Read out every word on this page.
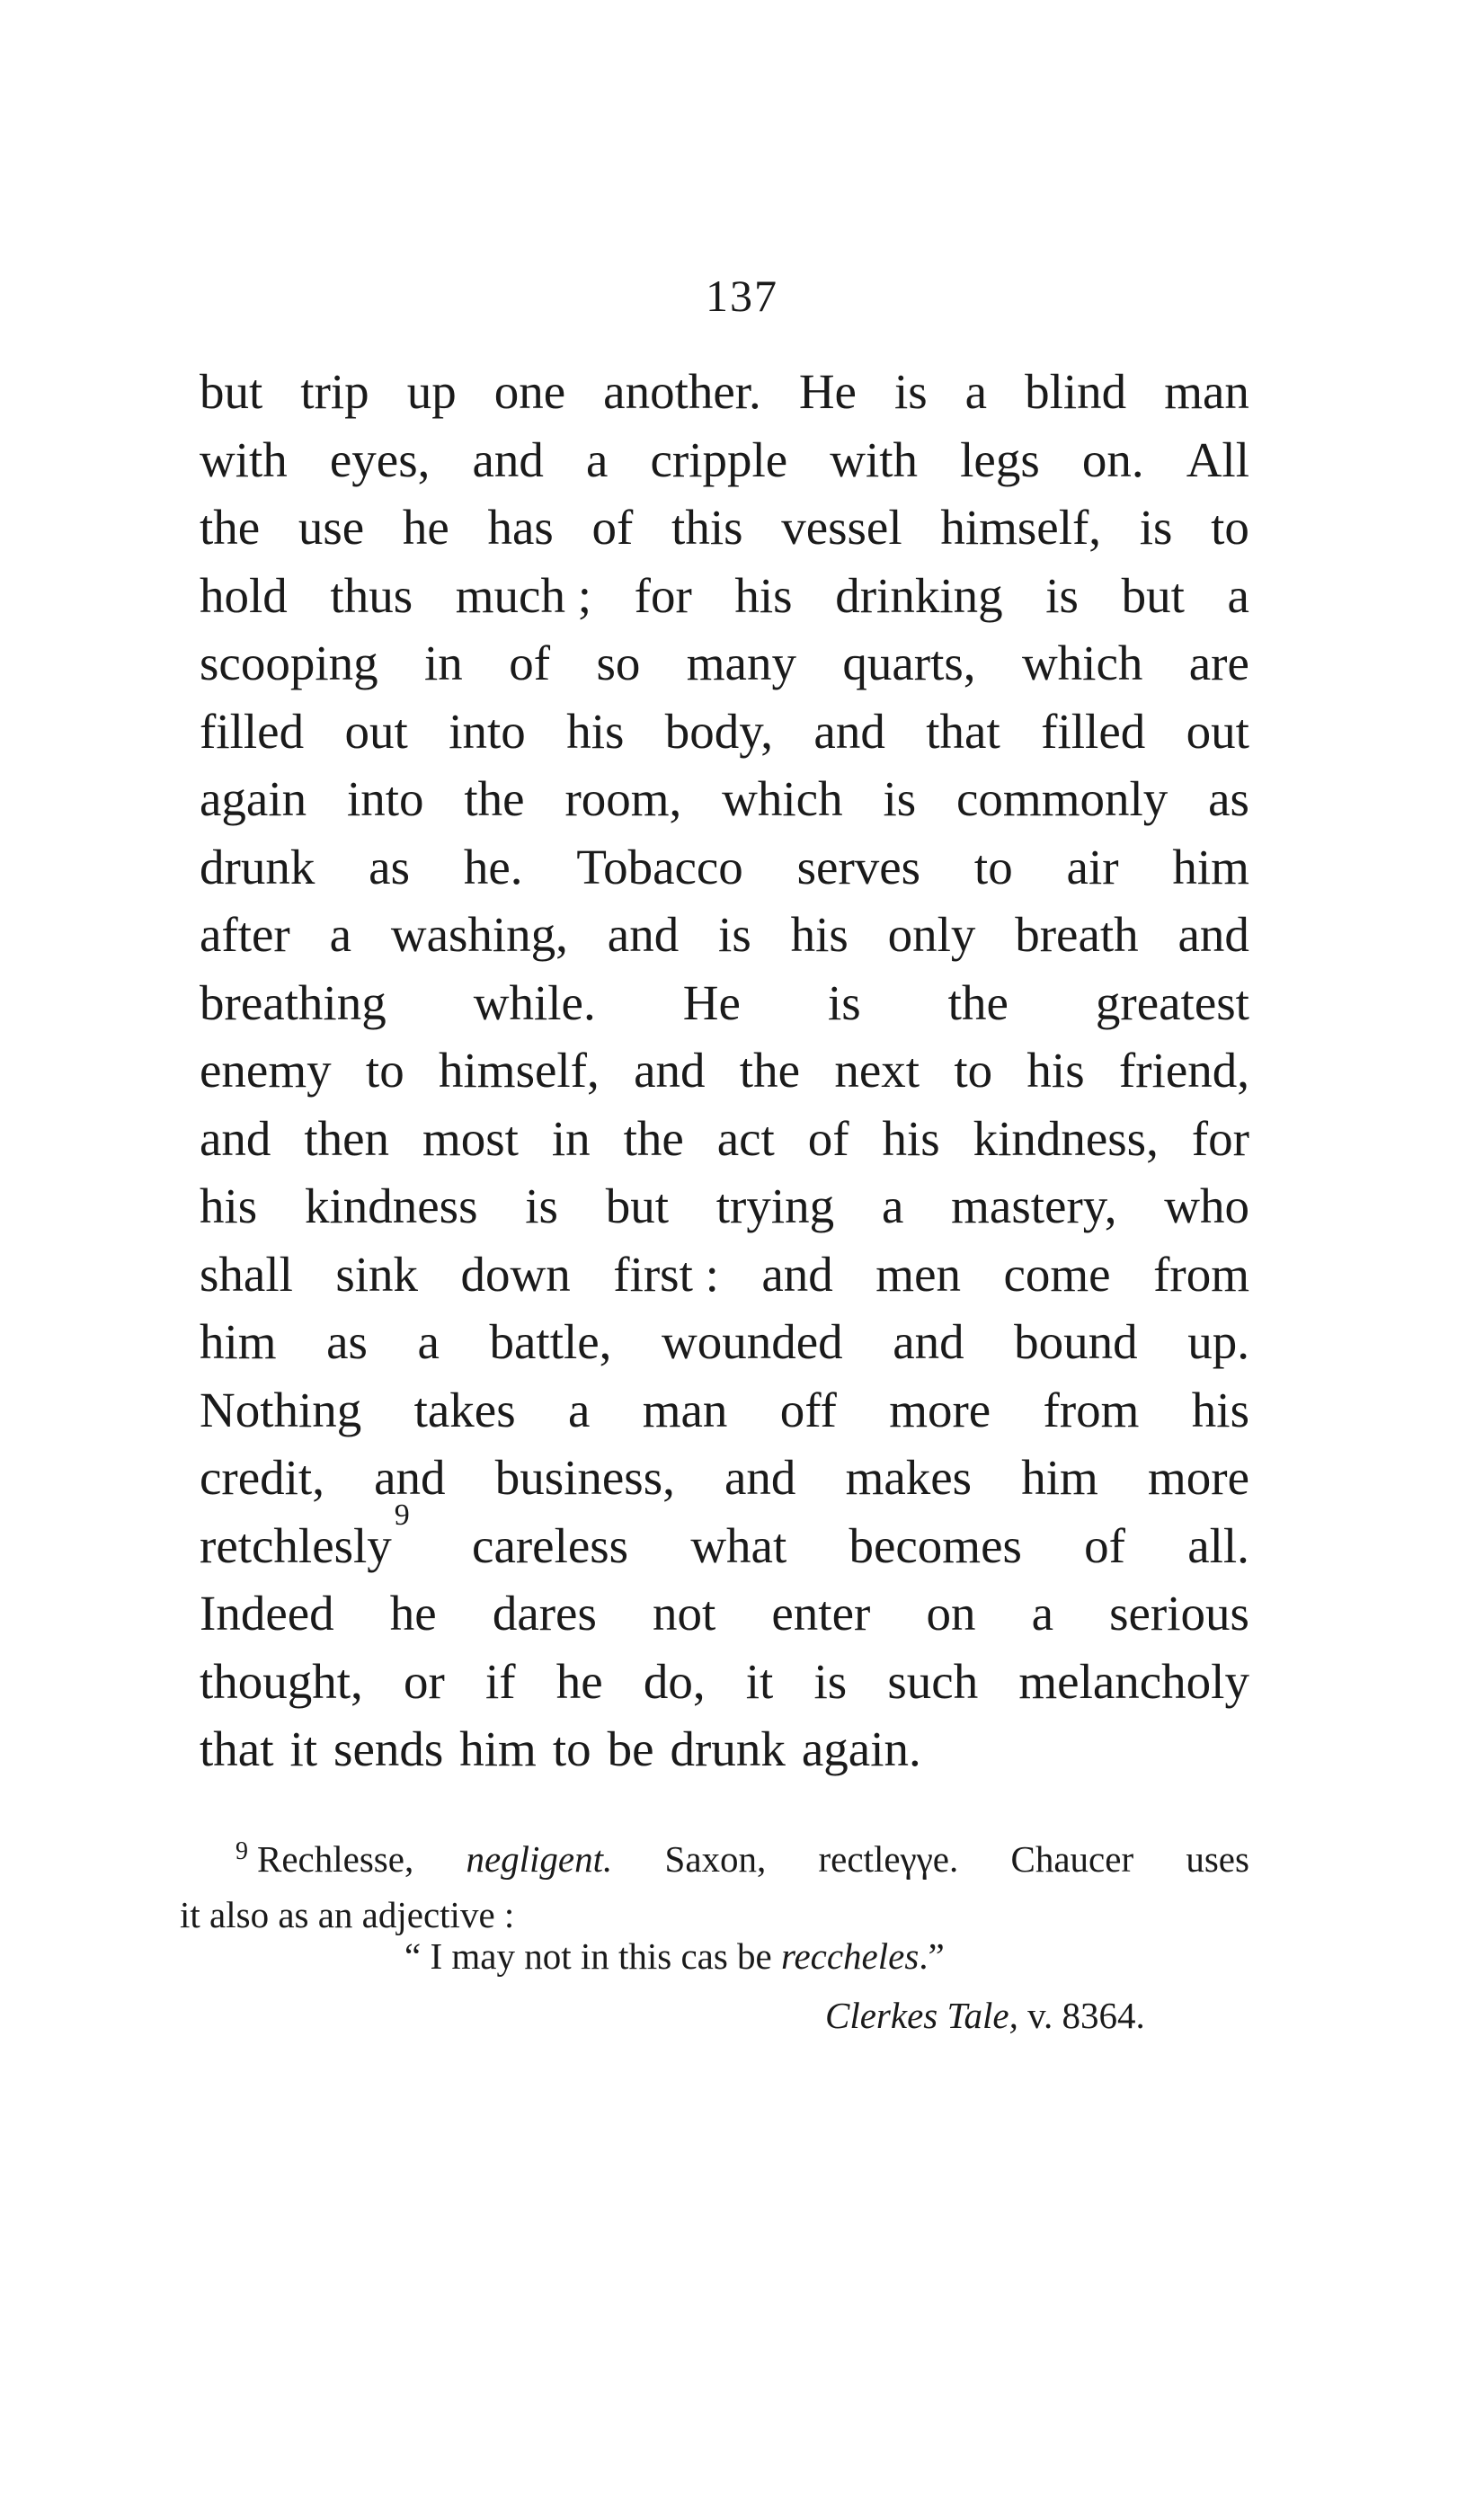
137
but trip up one another. He is a blind man
with eyes, and a cripple with legs on. All
the use he has of this vessel himself, is to
hold thus much ; for his drinking is but a
scooping in of so many quarts, which are
filled out into his body, and that filled out
again into the room, which is commonly as
drunk as he. Tobacco serves to air him
after a washing, and is his only breath and
breathing while. He is the greatest
enemy to himself, and the next to his friend,
and then most in the act of his kindness, for
his kindness is but trying a mastery, who
shall sink down first : and men come from
him as a battle, wounded and bound up.
Nothing takes a man off more from his
credit, and business, and makes him more
retchlesly$^9$
careless what becomes of all.
Indeed he dares not enter on a serious
thought, or if he do, it is such melancholy
that it sends him to be drunk again.
$^9$ Rechlesse, negligent. Saxon, rectleγγe. Chaucer uses
it also as an adjective :
“ I may not in this cas be reccheles.”
Clerkes Tale, v. 8364.
